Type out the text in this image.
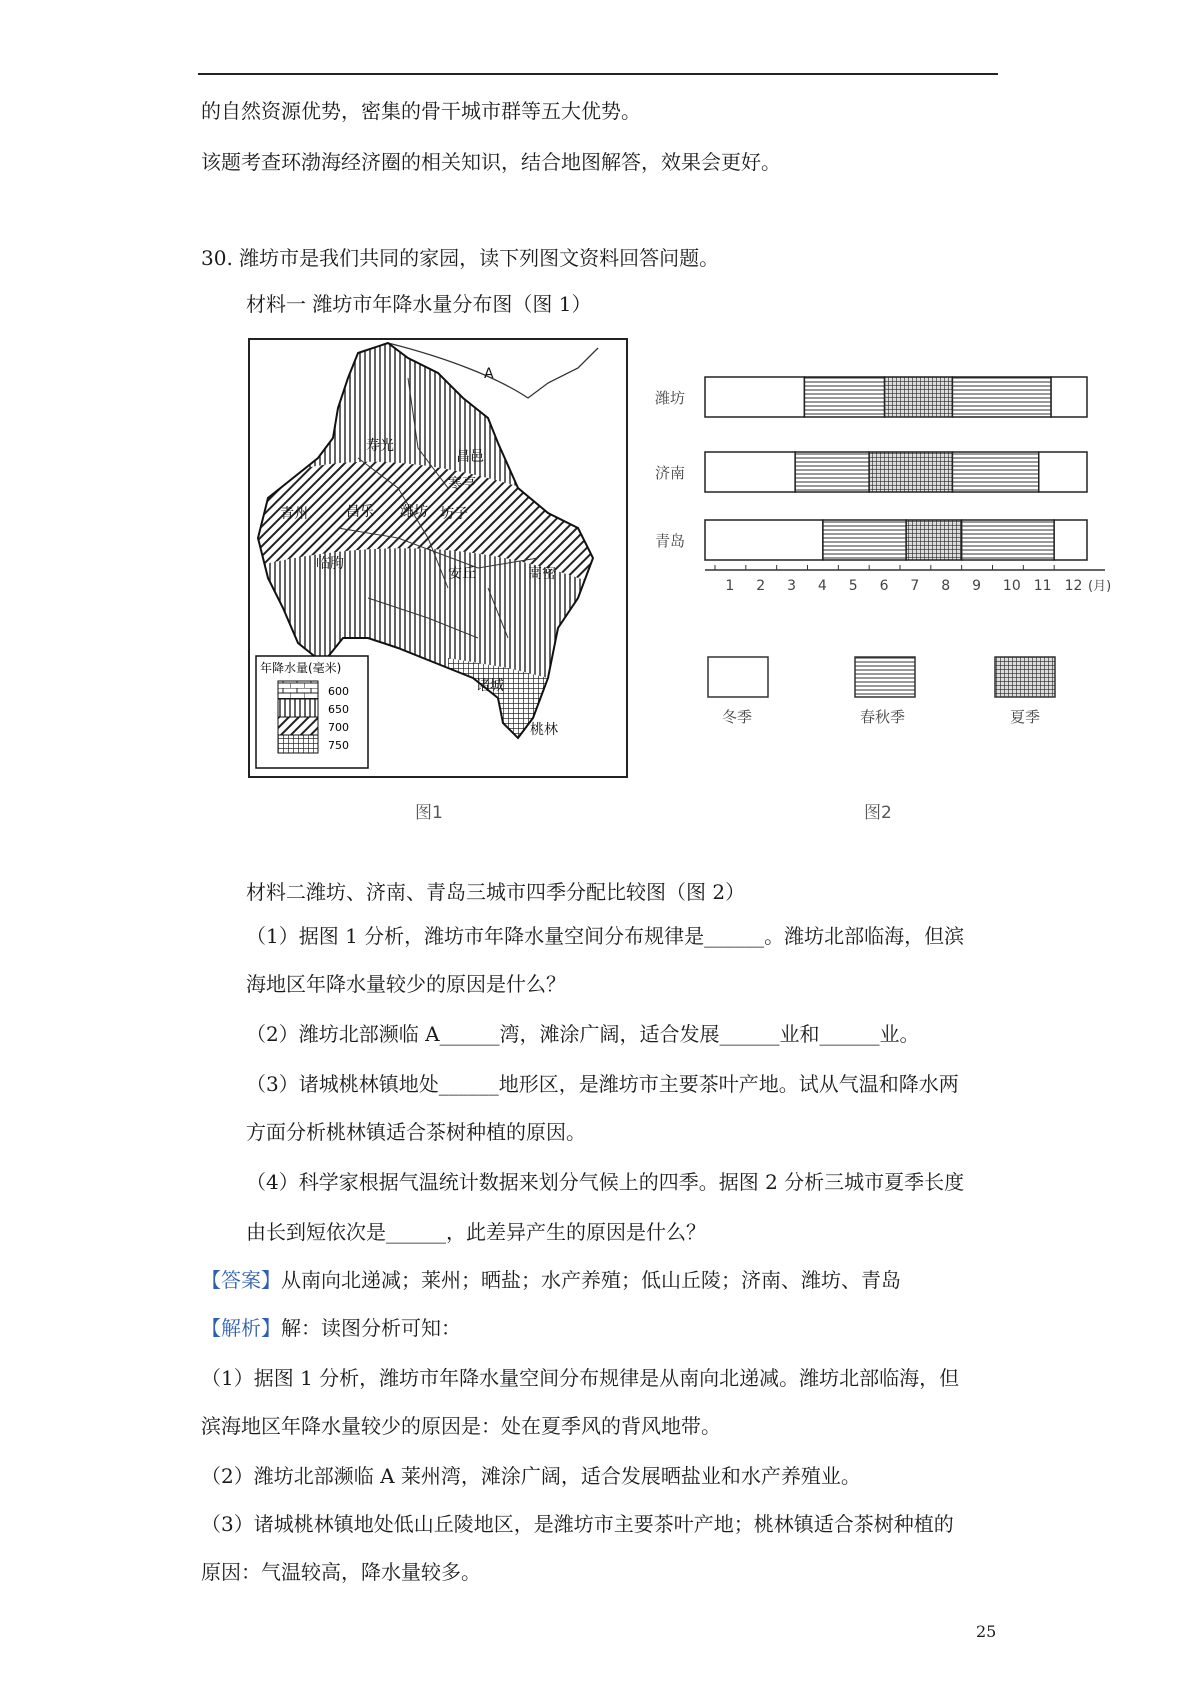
的自然资源优势，密集的骨干城市群等五大优势。
该题考查环渤海经济圈的相关知识，结合地图解答，效果会更好。
30. 潍坊市是我们共同的家园，读下列图文资料回答问题。
材料一 潍坊市年降水量分布图（图 1）
A
寿光
昌邑
寒亭
青州	昌乐 潍坊 坊子
临朐
安丘	高密
诸城
桃林
年降水量(毫米)
600
650
700
750
图1
潍坊
济南
青岛
1 2 3 4 5 6 7 8 9 10 11 12 (月)
冬季	春秋季	夏季
图2
材料二潍坊、济南、青岛三城市四季分配比较图（图 2）
（1）据图 1 分析，潍坊市年降水量空间分布规律是______。潍坊北部临海，但滨
海地区年降水量较少的原因是什么？
（2）潍坊北部濒临 A______湾，滩涂广阔，适合发展______业和______业。
（3）诸城桃林镇地处______地形区，是潍坊市主要茶叶产地。试从气温和降水两
方面分析桃林镇适合茶树种植的原因。
（4）科学家根据气温统计数据来划分气候上的四季。据图 2 分析三城市夏季长度
由长到短依次是______，此差异产生的原因是什么？
【答案】从南向北递减；莱州；晒盐；水产养殖；低山丘陵；济南、潍坊、青岛
【解析】解：读图分析可知：
（1）据图 1 分析，潍坊市年降水量空间分布规律是从南向北递减。潍坊北部临海，但
滨海地区年降水量较少的原因是：处在夏季风的背风地带。
（2）潍坊北部濒临 A 莱州湾，滩涂广阔，适合发展晒盐业和水产养殖业。
（3）诸城桃林镇地处低山丘陵地区，是潍坊市主要茶叶产地；桃林镇适合茶树种植的
原因：气温较高，降水量较多。
25
